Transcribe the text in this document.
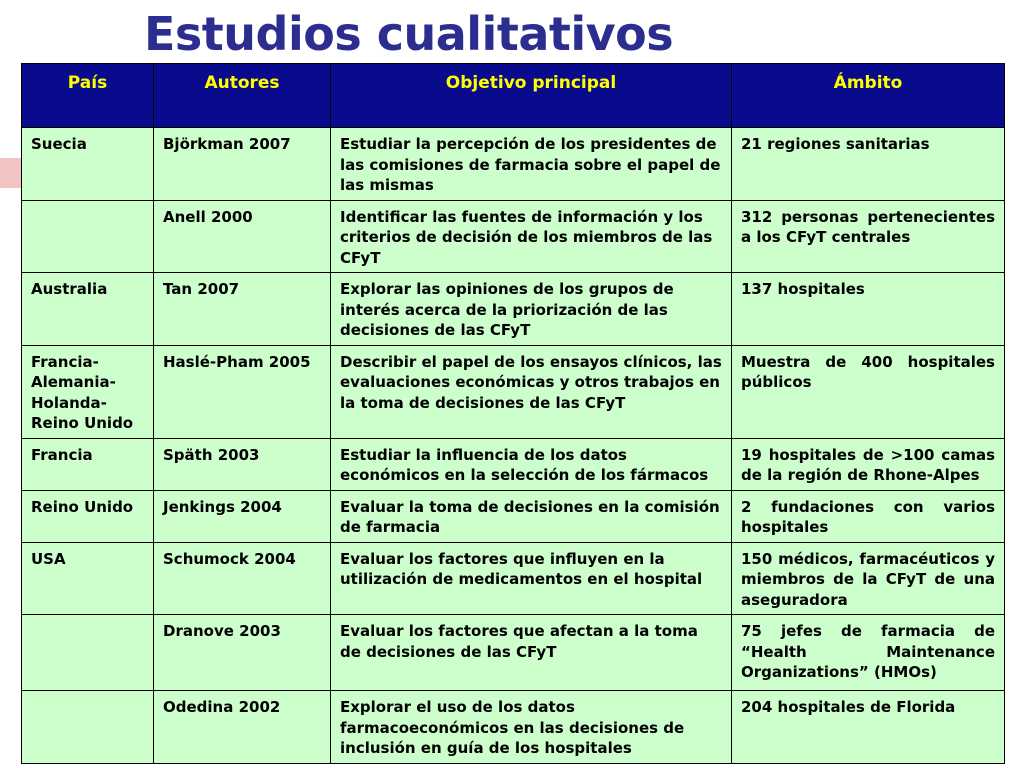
Estudios cualitativos
País	Autores	Objetivo principal	Ámbito
Suecia	Björkman 2007	Estudiar la percepción de los presidentes de las comisiones de farmacia sobre el papel de las mismas	21 regiones sanitarias
	Anell 2000	Identificar las fuentes de información y los criterios de decisión de los miembros de las CFyT	312 personas pertenecientes a los CFyT centrales
Australia	Tan 2007	Explorar las opiniones de los grupos de interés acerca de la priorización de las decisiones de las CFyT	137 hospitales
Francia-Alemania-Holanda-Reino Unido	Haslé-Pham 2005	Describir el papel de los ensayos clínicos, las evaluaciones económicas y otros trabajos en la toma de decisiones de las CFyT	Muestra de 400 hospitales públicos
Francia	Späth 2003	Estudiar la influencia de los datos económicos en la selección de los fármacos	19 hospitales de >100 camas de la región de Rhone-Alpes
Reino Unido	Jenkings 2004	Evaluar la toma de decisiones en la comisión de farmacia	2 fundaciones con varios hospitales
USA	Schumock 2004	Evaluar los factores que influyen en la utilización de medicamentos en el hospital	150 médicos, farmacéuticos y miembros de la CFyT de una aseguradora
	Dranove 2003	Evaluar los factores que afectan a la toma de decisiones de las CFyT	75 jefes de farmacia de “Health Maintenance Organizations” (HMOs)
	Odedina 2002	Explorar el uso de los datos farmacoeconómicos en las decisiones de inclusión en guía de los hospitales	204 hospitales de Florida
